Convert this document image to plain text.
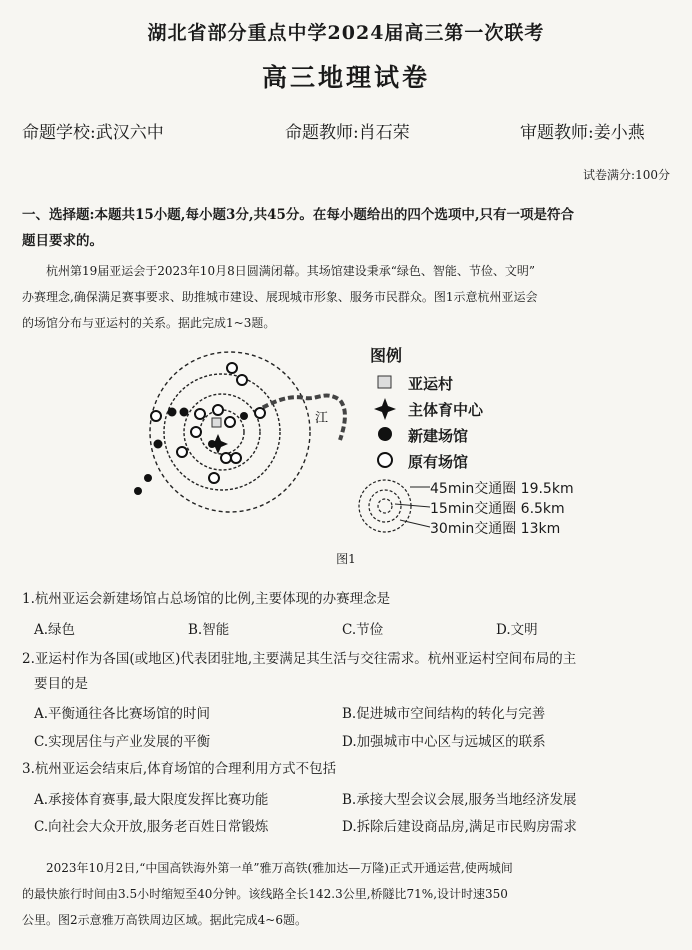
湖北省部分重点中学2024届高三第一次联考
高三地理试卷
命题学校:武汉六中	命题教师:肖石荣	审题教师:姜小燕
试卷满分:100分
一、选择题:本题共15小题,每小题3分,共45分。在每小题给出的四个选项中,只有一项是符合
题目要求的。
杭州第19届亚运会于2023年10月8日圆满闭幕。其场馆建设秉承“绿色、智能、节俭、文明”
办赛理念,确保满足赛事要求、助推城市建设、展现城市形象、服务市民群众。图1示意杭州亚运会
的场馆分布与亚运村的关系。据此完成1~3题。
江
图例
亚运村
主体育中心
新建场馆
原有场馆
45min交通圈 19.5km
15min交通圈 6.5km
30min交通圈 13km
图1
1.杭州亚运会新建场馆占总场馆的比例,主要体现的办赛理念是
A.绿色	B.智能	C.节俭	D.文明
2.亚运村作为各国(或地区)代表团驻地,主要满足其生活与交往需求。杭州亚运村空间布局的主
要目的是
A.平衡通往各比赛场馆的时间	B.促进城市空间结构的转化与完善
C.实现居住与产业发展的平衡	D.加强城市中心区与远城区的联系
3.杭州亚运会结束后,体育场馆的合理利用方式不包括
A.承接体育赛事,最大限度发挥比赛功能	B.承接大型会议会展,服务当地经济发展
C.向社会大众开放,服务老百姓日常锻炼	D.拆除后建设商品房,满足市民购房需求
2023年10月2日,“中国高铁海外第一单”雅万高铁(雅加达—万隆)正式开通运营,使两城间
的最快旅行时间由3.5小时缩短至40分钟。该线路全长142.3公里,桥隧比71%,设计时速350
公里。图2示意雅万高铁周边区域。据此完成4~6题。
